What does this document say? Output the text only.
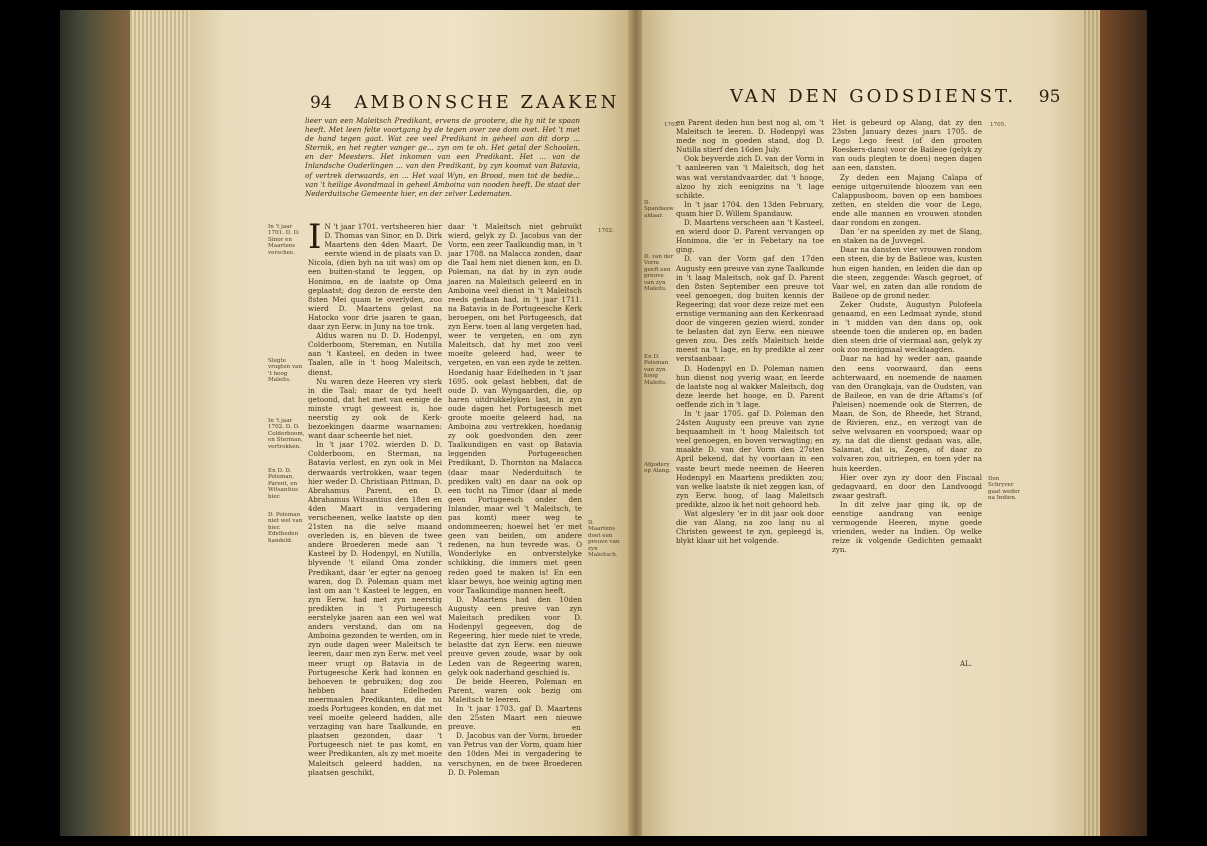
94 AMBONSCHE ZAAKEN

lieer van een Maleitsch Predikant, ervens de grootere, die hy nit te spaan heeft. Met leen felte voortgang by de tegen over zee dom ovet. Het 't met de hand tegen gaat. Wat zee veel Predikant in geheel aan dit dorp ... Sternik, en het regter vanger ge... zyn om te oh. Het getal der Schoolen, en der Meesters. Het inkomen van een Predikant. Het ... van de Inlandsche Ouderlingen ... van den Predikant, by zyn koomst van Batavia, of vertrek derwaards, en ... Het vaal Wyn, en Brood, men tot de bedie... van 't heilige Avondmaal in geheel Amboina van nooden heeft. De staat der Nederduitsche Gemeente hier, en der zelver Ledematen.

I N 't jaar 1701. vertsheeren hier D. Thomas van Sinor, en D. Dirk Maartens den 4den Maart. De eerste wiend in de plaats van D. Nicola, (dien byh na uit was) om op een buiten-stand te leggen, op Honimoa, en de laatste op Oma geplaatst; dog dezon de eerste den 8sten Mei quam te overlyden, zoo wierd D. Maartens gelast na Hatocko voor drie jaaren te gaan, daar zyn Eerw. in Juny na toe trok.

Aldus waren nu D. D. Hodenpyl, Colderboom, Stereman, en Nutilla aan 't Kasteel, en deden in twee Taalen, alle in 't hoog Maleitsch, dienst.

Nu waren deze Heeren vry sterk in die Taal; maar de tyd heeft getoond, dat het met van eenige de minste vrugt geweest is, hoe neerstig zy ook de Kerk-bezoekingen daarme waarnamen: want daar scheerde het niet.

In 't jaar 1702. wierden D. D. Colderboom, en Sterman, na Batavia verlost, en zyn ook in Mei derwaards vertrokken, waar tegen hier weder D. Christiaan Pittman, D. Abrahamus Parent, en D. Abrahamus Witsantius den 18en en 4den Maart in vergadering verscheenen, welke laatste op den 21sten na die selve maand overleden is, en bleven de twee andere Broederen mede aan 't Kasteel by D. Hodenpyl, en Nutilla, blyvende 't eiland Oma zonder Predikant, daar 'er egter na genoeg waren, dog D. Poleman quam met last om aan 't Kasteel te leggen, en zyn Eerw. had met zyn neerstig predikten in 't Portugeesch eerstelyke jaaren aan een wel wat anders verstand, dan om na Amboina gezonden te werden, om in zyn oude dagen weer Maleitsch te leeren, daar men zyn Eerw. met veel meer vrugt op Batavia in de Portugeesche Kerk had konnen en behoeven te gebruiken; dog zoo hebben haar Edelheden meermaalen Predikanten, die nu zoeds Portugees konden, en dat met veel moeite geleerd hadden, alle verzaging van hare Taalkunde, en plaatsen gezonden, daar 't Portugeesch niet te pas komt, en weer Predikanten, als zy met moeite Maleitsch geleerd hadden, na plaatsen geschikt,

daar 't Maleitsch niet gebruikt wierd, gelyk zy D. Jacobus van der Vorm, een zeer Taalkundig man, in 't jaar 1708. na Malacca zonden, daar die Taal hem niet dienen kon, en D. Poleman, na dat hy in zyn oude jaaren na Maleitsch geleerd en in Amboina veel dienst in 't Maleitsch reeds gedaan had, in 't jaar 1711. na Batavia in de Portugeesche Kerk beroepen, om het Portugeesch, dat zyn Eerw. toen al lang vergeten had, weer te vergeten, en om zyn Maleitsch, dat hy met zoo veel moeite geleerd had, weer te vergeten, en van een zyde te zetten. Hoedanig haar Edelheden in 't jaar 1695. ook gelast hebben, dat de oude D. van Wyngaarden, die, op haren uitdrukkelyken last, in zyn oude dagen het Portugeesch met groote moeite geleerd had, na Amboina zou vertrekken, hoedanig zy ook goedvonden den zeer Taalkundigen en vast op Batavia leggenden Portugeeschen Predikant, D. Thornton na Malacca (daar maar Nederduitsch te prediken valt) en daar na ook op een tocht na Timor (daar al mede geen Portugeesch onder den Inlander, maar wel 't Maleitsch, te pas komt) meer weg te ondommeeren; hoewel het 'er met geen van beiden, om andere redenen, na hun tevrede was. O Wonderlyke en ontverstelyke schikking, die immers met geen reden goed te maken is! En een klaar bewys, hoe weinig agting men voor Taalkundige mannen heeft.

D. Maartens had den 10den Augusty een preuve van zyn Maleitsch prediken voor D. Hodenpyl gegeeven, dog de Regeering, hier mede niet te vrede, belastte dat zyn Eerw. een nieuwe preuve geven zoude, waar by ook Leden van de Regeering waren, gelyk ook naderhand geschied is.

De beide Heeren, Poleman en Parent, waren ook bezig om Maleitsch te leeren.

In 't jaar 1703. gaf D. Maartens den 25sten Maart een nieuwe preuve.

D. Jacobus van der Vorm, broeder van Petrus van der Vorm, quam hier den 10den Mei in vergadering te verschynen, en de twee Broederen D. D. Poleman

en
In 't jaar 1701. D. D. Sinor en Maartens verschee.
Slegte vrugten van 't hoog Maleits.
In 't jaar 1702. D. D. Colderboom, en Sterman, vertrokken.
En D. D. Poleman, Parent, en Witsantius hier.
D. Poleman niet wel van hier. Edelheden handeld.
1702.
D. Maartens doet een preuve van zyn Maleitsch.
VAN DEN GODSDIENST. 95

en Parent deden hun best nog al, om 't Maleitsch te leeren. D. Hodenpyl was mede nog in goeden stand, dog D. Nutilla stierf den 16den July.

Ook beyverde zich D. van der Vorm in 't aanleeren van 't Maleitsch, dog het was wat verstandvaarder, dat 't hooge, alzoo hy zich eenigzins na 't lage schikte.

In 't jaar 1704. den 13den February, quam hier D. Willem Spandauw.

D. Maartens verscheen aan 't Kasteel, en wierd door D. Parent vervangen op Honimoa, die 'er in Febetary na toe ging.

D. van der Vorm gaf den 17den Augusty een preuve van zyne Taalkunde in 't laag Maleitsch, ook gaf D. Parent den 8sten September een preuve tot veel genoegen, dog buiten kennis der Regeering; dat voor deze reize met een ernstige vermaning aan den Kerkenraad door de vingeren gezien wierd, zonder te belasten dat zyn Eerw. een nieuwe geven zou. Des zelfs Maleitsch heide meest na 't lage, en hy predikte al zeer verstaanbaar.

D. Hodenpyl en D. Poleman namen hun dienst nog yverig waar, en leerde de laatste nog al wakker Maleitsch, dog deze leerde het hooge, en D. Parent oeffende zich in 't lage.

In 't jaar 1705. gaf D. Poleman den 24sten Augusty een preuve van zyne bequaamheit in 't hoog Maleitsch tot veel genoegen, en boven verwagting; en maakte D. van der Vorm den 27sten April bekend, dat hy voortaan in een vaste beurt mede neemen de Heeren Hodenpyl en Maartens predikten zou; van welke laatste ik niet zeggen kan, of zyn Eerw. hoog, of laag Maleitsch predikte, alzoo ik het noit gehoord heb.

Wat algeslery 'er in dit jaar ook door die van Alang, na zoo lang nu al Christen geweest te zyn, gepleegd is, blykt klaar uit het volgende.

Het is gebeurd op Alang, dat zy den 23sten January dezes jaars 1705. de Lego Lego feest (of den grooten Roeskers-dans) voor de Baileoe (gelyk zy van ouds plegten te doen) negen dagen aan een, dansten.

Zy deden een Majang Calapa of eenige uitgeruitende bloozem van een Calappusboom, boven op een bamboes zetten, en stelden die voor de Lego, ende alle mannen en vrouwen stonden daar rondom en zongen.

Dan 'er na speelden zy met de Slang, en staken na de Juvvegel.

Daar na dansten vier vrouwen rondom een steen, die by de Baileoe was, kusten hun eigen handen, en leiden die dan op die steen, zeggende: Wasch gegroet, of Vaar wel, en zaten dan alle rondom de Baileoe op de grond neder.

Zeker Oudste, Augustyn Polofeela genaamd, en een Ledmaat zynde, stond in 't midden van den dans op, ook steende toen die anderen op, en baden dien steen drie of viermaal aan, gelyk zy ook zoo menigmaal wecklaagden.

Daar na had hy weder aan, gaande den eens voorwaard, dan eens achterwaard, en noemende de naamen van den Orangkaja, van de Oudsten, van de Baileoe, en van de drie Aftams's (of Paleisen) noemende ook de Sterren, de Maan, de Son, de Rheede, het Strand, de Rivieren, enz., en verzogt van de selve welvaaren en voorspoed; waar op zy, na dat die dienst gedaan was, alle, Salamat, dat is, Zegen, of daar zo volvaren zou, uitriepen, en toen yder na huis keerden.

Hier over zyn zy door den Fiscaal gedagvaard, en door den Landvoogd zwaar gestraft.

In dit zelve jaar ging ik, op de eenstige aandrang van eenige vermogende Heeren, myne goede vrienden, weder na Indien. Op welke reize ik volgende Gedichten gemaakt zyn.

AL.
1703.
D. Spandauw aldaar.
D. van der Vorm geeft een preuve van zyn Maleits.
En D. Poleman van zyn hoog Maleits.
Afgodery op Alang.
1705.
Den Schryver gaat weder na Indien.
